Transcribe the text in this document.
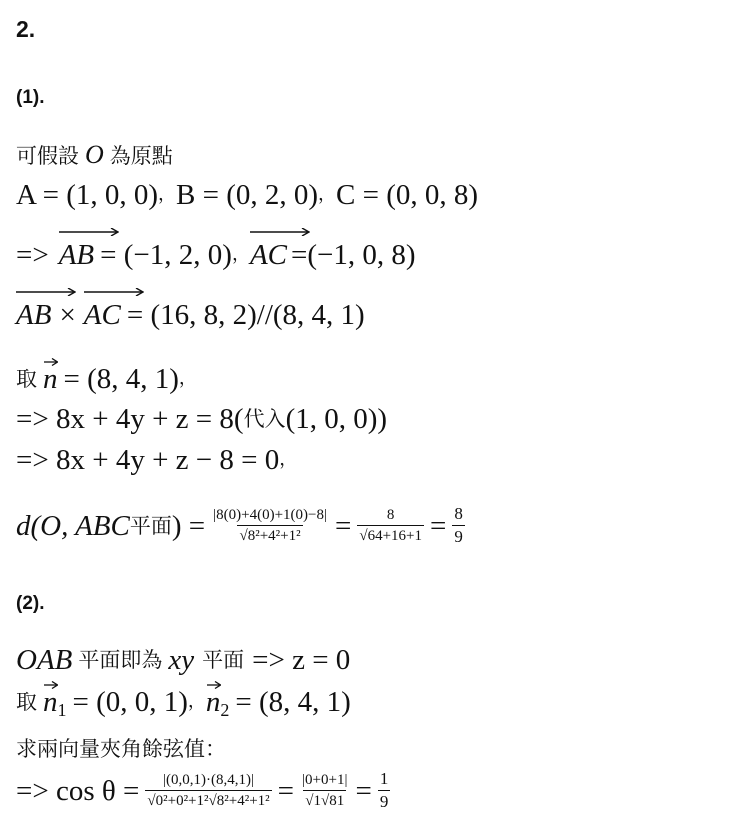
2.
(1).
可假設 O 為原點
A = (1, 0, 0) ， B = (0, 2, 0) ， C = (0, 0, 8)
=> AB = (−1, 2, 0) ， AC =(−1, 0, 8)
AB × AC = (16, 8, 2)//(8, 4, 1)
取 n = (8, 4, 1) ，
=> 8x + 4y + z = 8( 代入 (1, 0, 0))
=> 8x + 4y + z − 8 = 0 ，
d(O, ABC 平面 ) = $\frac{|8(0)+4(0)+1(0)-8|}{\text{√8²+4²+1²}} = \frac{8}{√64+16+1} = \frac{8}{9}$
(2).
OAB 平面即為 xy 平面 => z = 0
取 n 1 = (0, 0, 1) ， n 2 = (8, 4, 1)
求兩向量夾角餘弦值：
=> $\cos \theta = \frac{|(0,0,1)\cdot(8,4,1)|}{\text{√0²+0²+1²√8²+4²+1²}} = \frac{|0+0+1|}{√1√81} = \frac{1}{9}$
